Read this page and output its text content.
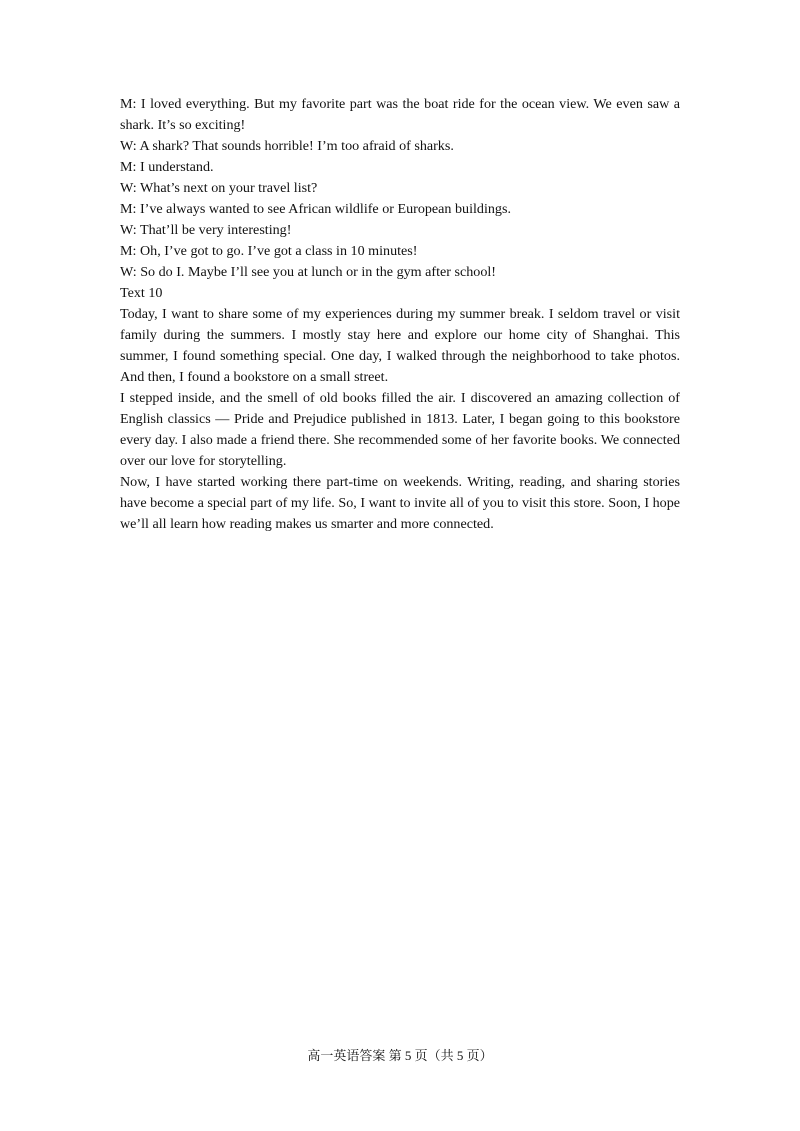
M: I loved everything. But my favorite part was the boat ride for the ocean view. We even saw a shark. It’s so exciting!

W: A shark? That sounds horrible! I’m too afraid of sharks.

M: I understand.

W: What’s next on your travel list?

M: I’ve always wanted to see African wildlife or European buildings.

W: That’ll be very interesting!

M: Oh, I’ve got to go. I’ve got a class in 10 minutes!

W: So do I. Maybe I’ll see you at lunch or in the gym after school!

Text 10

Today, I want to share some of my experiences during my summer break. I seldom travel or visit family during the summers. I mostly stay here and explore our home city of Shanghai. This summer, I found something special. One day, I walked through the neighborhood to take photos. And then, I found a bookstore on a small street.

I stepped inside, and the smell of old books filled the air. I discovered an amazing collection of English classics — Pride and Prejudice published in 1813. Later, I began going to this bookstore every day. I also made a friend there. She recommended some of her favorite books. We connected over our love for storytelling.

Now, I have started working there part-time on weekends. Writing, reading, and sharing stories have become a special part of my life. So, I want to invite all of you to visit this store. Soon, I hope we’ll all learn how reading makes us smarter and more connected.

高一英语答案 第 5 页（共 5 页）
